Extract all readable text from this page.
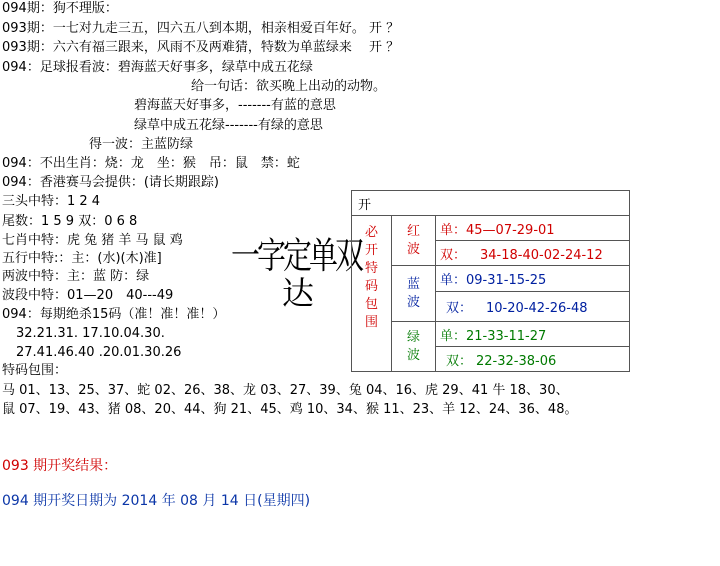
094期：狗不理版：
093期：一七对九走三五，四六五八到本期，相亲相爱百年好。 开 ？
093期：六六有福三跟来，风雨不及两难猜，特数为单蓝绿来　 开 ？
094：足球报看波：碧海蓝天好事多，绿草中成五花绿
给一句话：欲买晚上出动的动物。
碧海蓝天好事多，-------有蓝的意思
绿草中成五花绿-------有绿的意思
得一波：主蓝防绿
094：不出生肖：烧：龙　坐：猴　吊：鼠　禁：蛇
094：香港赛马会提供：(请长期跟踪)
三头中特：1 2 4
尾数：1 5 9 双：0 6 8
七肖中特：虎 兔 猪 羊 马 鼠 鸡
五行中特:：主：(水)(木)准]
两波中特：主：蓝 防：绿
波段中特：01—20　40---49
094：每期绝杀15码（准！准！准！）
32.21.31. 17.10.04.30.
27.41.46.40 .20.01.30.26
特码包围：
马 01、13、25、37、蛇 02、26、38、龙 03、27、39、兔 04、16、虎 29、41 牛 18、30、
鼠 07、19、43、猪 08、20、44、狗 21、45、鸡 10、34、猴 11、23、羊 12、24、36、48。
093 期开奖结果：
094 期开奖日期为 2014 年 08 月 14 日(星期四)
一字定单双
达
开		

必开特码包围	红波	单：45—07-29-01
		双： 34-18-40-02-24-12

	蓝波	单：09-31-15-25
		双： 10-20-42-26-48

	绿波	单：21-33-11-27
		双： 22-32-38-06
